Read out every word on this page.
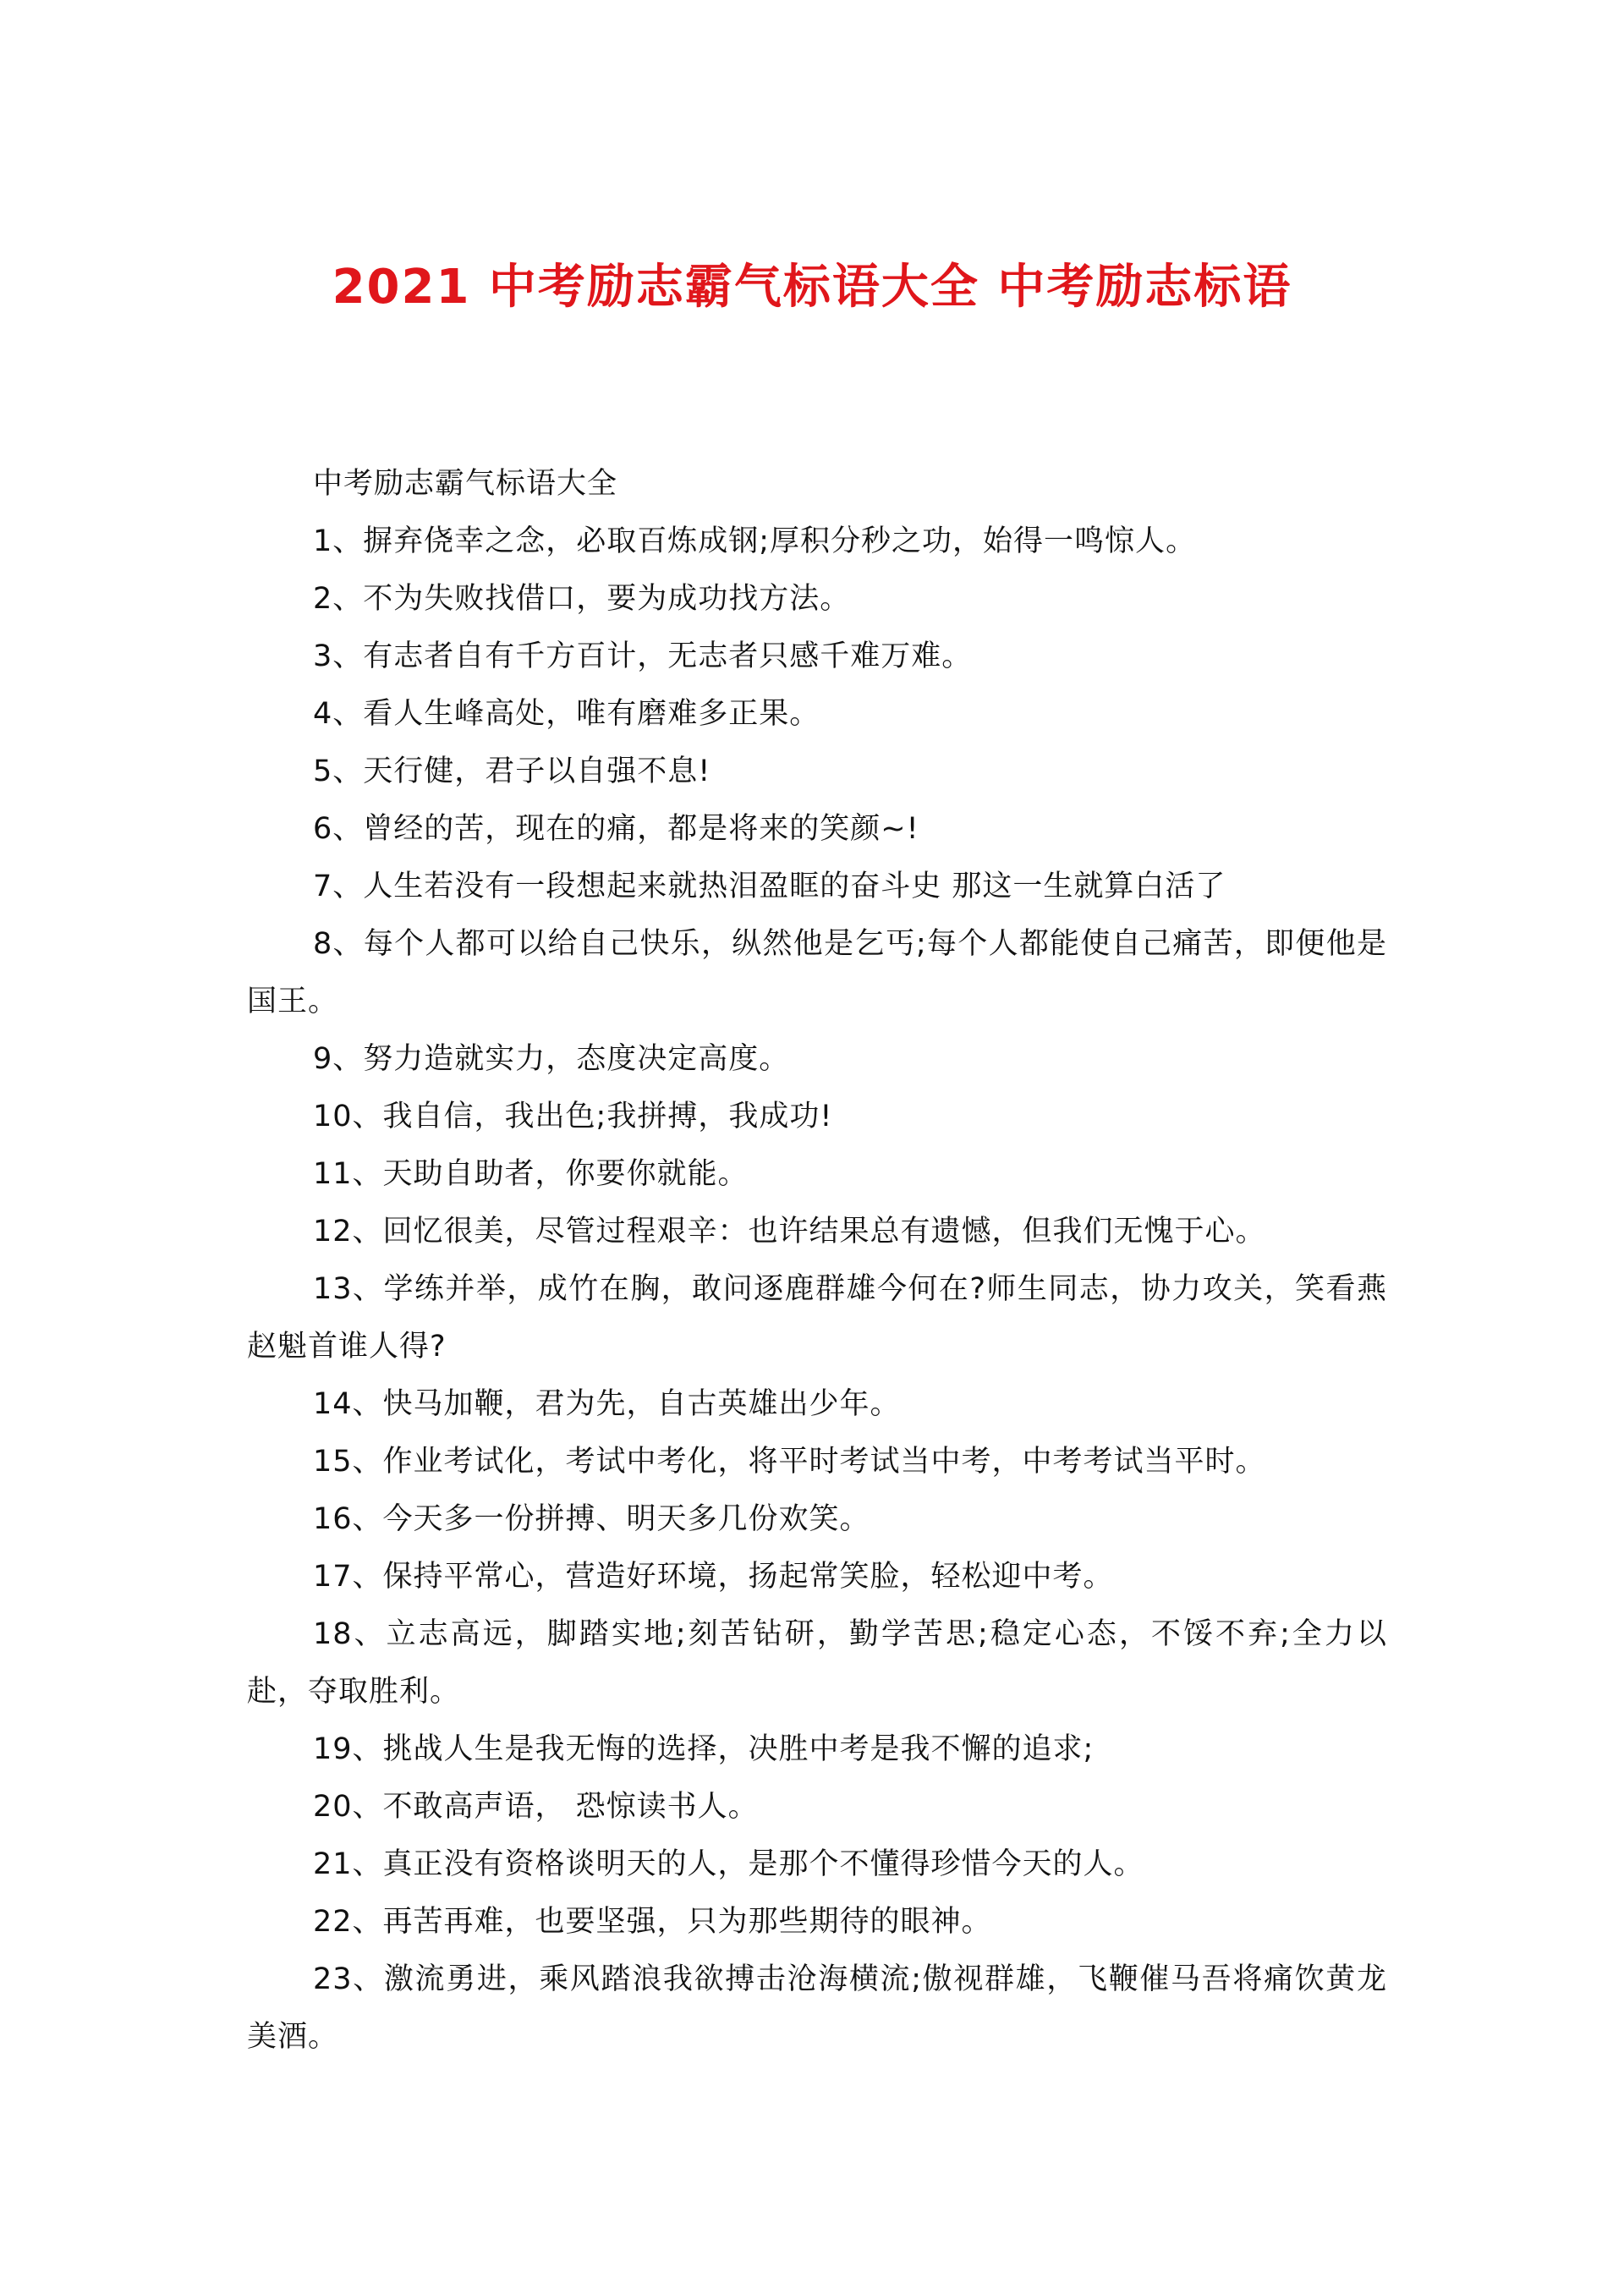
2021 中考励志霸气标语大全 中考励志标语

中考励志霸气标语大全

1、摒弃侥幸之念，必取百炼成钢;厚积分秒之功，始得一鸣惊人。

2、不为失败找借口，要为成功找方法。

3、有志者自有千方百计，无志者只感千难万难。

4、看人生峰高处，唯有磨难多正果。

5、天行健，君子以自强不息!

6、曾经的苦，现在的痛，都是将来的笑颜~!

7、人生若没有一段想起来就热泪盈眶的奋斗史 那这一生就算白活了

8、每个人都可以给自己快乐，纵然他是乞丐;每个人都能使自己痛苦，即便他是国王。

9、努力造就实力，态度决定高度。

10、我自信，我出色;我拼搏，我成功!

11、天助自助者，你要你就能。

12、回忆很美，尽管过程艰辛：也许结果总有遗憾，但我们无愧于心。

13、学练并举，成竹在胸，敢问逐鹿群雄今何在?师生同志，协力攻关，笑看燕赵魁首谁人得?

14、快马加鞭，君为先，自古英雄出少年。

15、作业考试化，考试中考化，将平时考试当中考，中考考试当平时。

16、今天多一份拼搏、明天多几份欢笑。

17、保持平常心，营造好环境，扬起常笑脸，轻松迎中考。

18、立志高远，脚踏实地;刻苦钻研，勤学苦思;稳定心态，不馁不弃;全力以赴，夺取胜利。

19、挑战人生是我无悔的选择，决胜中考是我不懈的追求;

20、不敢高声语， 恐惊读书人。

21、真正没有资格谈明天的人，是那个不懂得珍惜今天的人。

22、再苦再难，也要坚强，只为那些期待的眼神。

23、激流勇进，乘风踏浪我欲搏击沧海横流;傲视群雄，飞鞭催马吾将痛饮黄龙美酒。
